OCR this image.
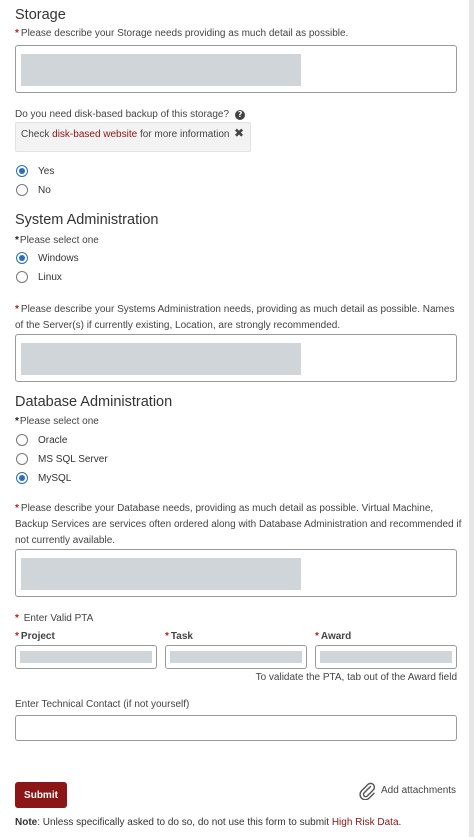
Storage
* Please describe your Storage needs providing as much detail as possible.
Do you need disk-based backup of this storage?	?
Check disk-based website for more information ✖
Yes
No
System Administration
*Please select one
Windows
Linux
* Please describe your Systems Administration needs, providing as much detail as possible. Names
of the Server(s) if currently existing, Location, are strongly recommended.
Database Administration
*Please select one
Oracle
MS SQL Server
MySQL
* Please describe your Database needs, providing as much detail as possible. Virtual Machine,
Backup Services are services often ordered along with Database Administration and recommended if
not currently available.
* Enter Valid PTA
* Project	* Task	* Award
To validate the PTA, tab out of the Award field
Enter Technical Contact (if not yourself)
Submit	Add attachments
Note: Unless specifically asked to do so, do not use this form to submit High Risk Data.
